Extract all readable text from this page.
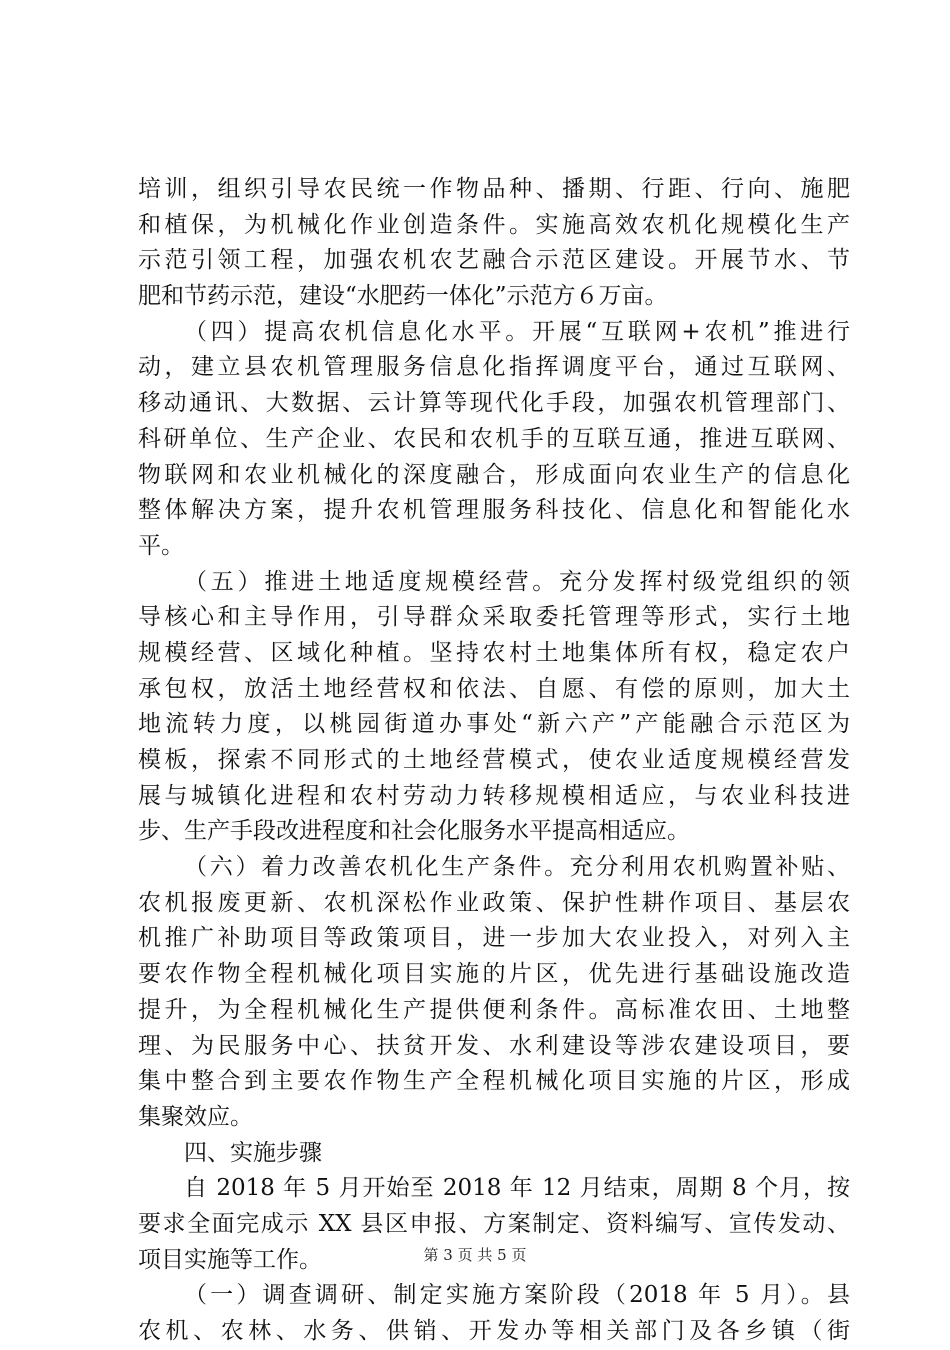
培训，组织引导农民统一作物品种、播期、行距、行向、施肥
和植保，为机械化作业创造条件。实施高效农机化规模化生产
示范引领工程，加强农机农艺融合示范区建设。开展节水、节
肥和节药示范，建设“水肥药一体化”示范方６万亩。
（四）提高农机信息化水平。开展“互联网+农机”推进行
动，建立县农机管理服务信息化指挥调度平台，通过互联网、
移动通讯、大数据、云计算等现代化手段，加强农机管理部门、
科研单位、生产企业、农民和农机手的互联互通，推进互联网、
物联网和农业机械化的深度融合，形成面向农业生产的信息化
整体解决方案，提升农机管理服务科技化、信息化和智能化水
平。
（五）推进土地适度规模经营。充分发挥村级党组织的领
导核心和主导作用，引导群众采取委托管理等形式，实行土地
规模经营、区域化种植。坚持农村土地集体所有权，稳定农户
承包权，放活土地经营权和依法、自愿、有偿的原则，加大土
地流转力度，以桃园街道办事处“新六产”产能融合示范区为
模板，探索不同形式的土地经营模式，使农业适度规模经营发
展与城镇化进程和农村劳动力转移规模相适应，与农业科技进
步、生产手段改进程度和社会化服务水平提高相适应。
（六）着力改善农机化生产条件。充分利用农机购置补贴、
农机报废更新、农机深松作业政策、保护性耕作项目、基层农
机推广补助项目等政策项目，进一步加大农业投入，对列入主
要农作物全程机械化项目实施的片区，优先进行基础设施改造
提升，为全程机械化生产提供便利条件。高标准农田、土地整
理、为民服务中心、扶贫开发、水利建设等涉农建设项目，要
集中整合到主要农作物生产全程机械化项目实施的片区，形成
集聚效应。
四、实施步骤
自 2018 年 5 月开始至 2018 年 12 月结束，周期 8 个月，按
要求全面完成示 XX 县区申报、方案制定、资料编写、宣传发动、
项目实施等工作。
（一）调查调研、制定实施方案阶段（2018 年 5 月）。县
农机、农林、水务、供销、开发办等相关部门及各乡镇（街
第 3 页 共 5 页
